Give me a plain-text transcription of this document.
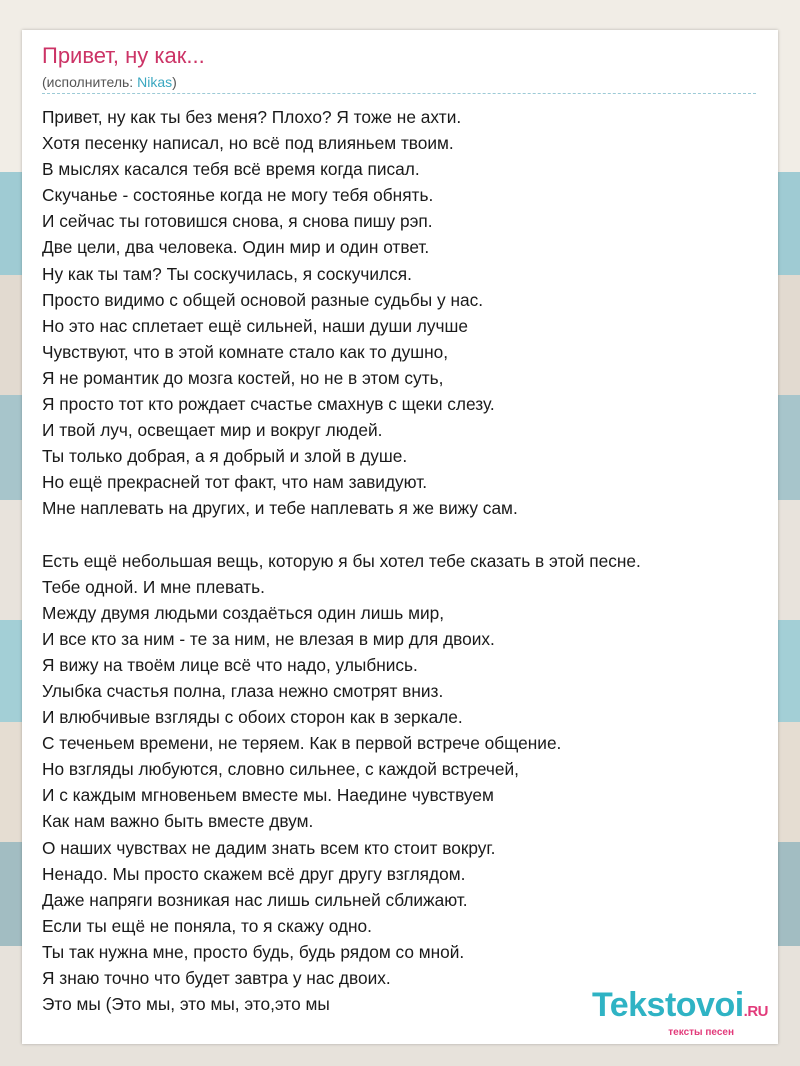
Привет, ну как...
(исполнитель: Nikas)
Привет, ну как ты без меня? Плохо? Я тоже не ахти.
Хотя песенку написал, но всё под влияньем твоим.
В мыслях касался тебя всё время когда писал.
Скучанье - состоянье когда не могу тебя обнять.
И сейчас ты готовишся снова, я снова пишу рэп.
Две цели, два человека. Один мир и один ответ.
Ну как ты там? Ты соскучилась, я соскучился.
Просто видимо с общей основой разные судьбы у нас.
Но это нас сплетает ещё сильней, наши души лучше
Чувствуют, что в этой комнате стало как то душно,
Я не романтик до мозга костей, но не в этом суть,
Я просто тот кто рождает счастье смахнув с щеки слезу.
И твой луч, освещает мир и вокруг людей.
Ты только добрая, а я добрый и злой в душе.
Но ещё прекрасней тот факт, что нам завидуют.
Мне наплевать на других, и тебе наплевать я же вижу сам.
Есть ещё небольшая вещь, которую я бы хотел тебе сказать в этой песне.
Тебе одной. И мне плевать.
Между двумя людьми создаёться один лишь мир,
И все кто за ним - те за ним, не влезая в мир для двоих.
Я вижу на твоём лице всё что надо, улыбнись.
Улыбка счастья полна, глаза нежно смотрят вниз.
И влюбчивые взгляды с обоих сторон как в зеркале.
С теченьем времени, не теряем. Как в первой встрече общение.
Но взгляды любуются, словно сильнее, с каждой встречей,
И с каждым мгновеньем вместе мы. Наедине чувствуем
Как нам важно быть вместе двум.
О наших чувствах не дадим знать всем кто стоит вокруг.
Ненадо. Мы просто скажем всё друг другу взглядом.
Даже напряги возникая нас лишь сильней сближают.
Если ты ещё не поняла, то я скажу одно.
Ты так нужна мне, просто будь, будь рядом со мной.
Я знаю точно что будет завтра у нас двоих.
Это мы (Это мы, это мы, это,это мы	Tekstovoi.RU
тексты песен
